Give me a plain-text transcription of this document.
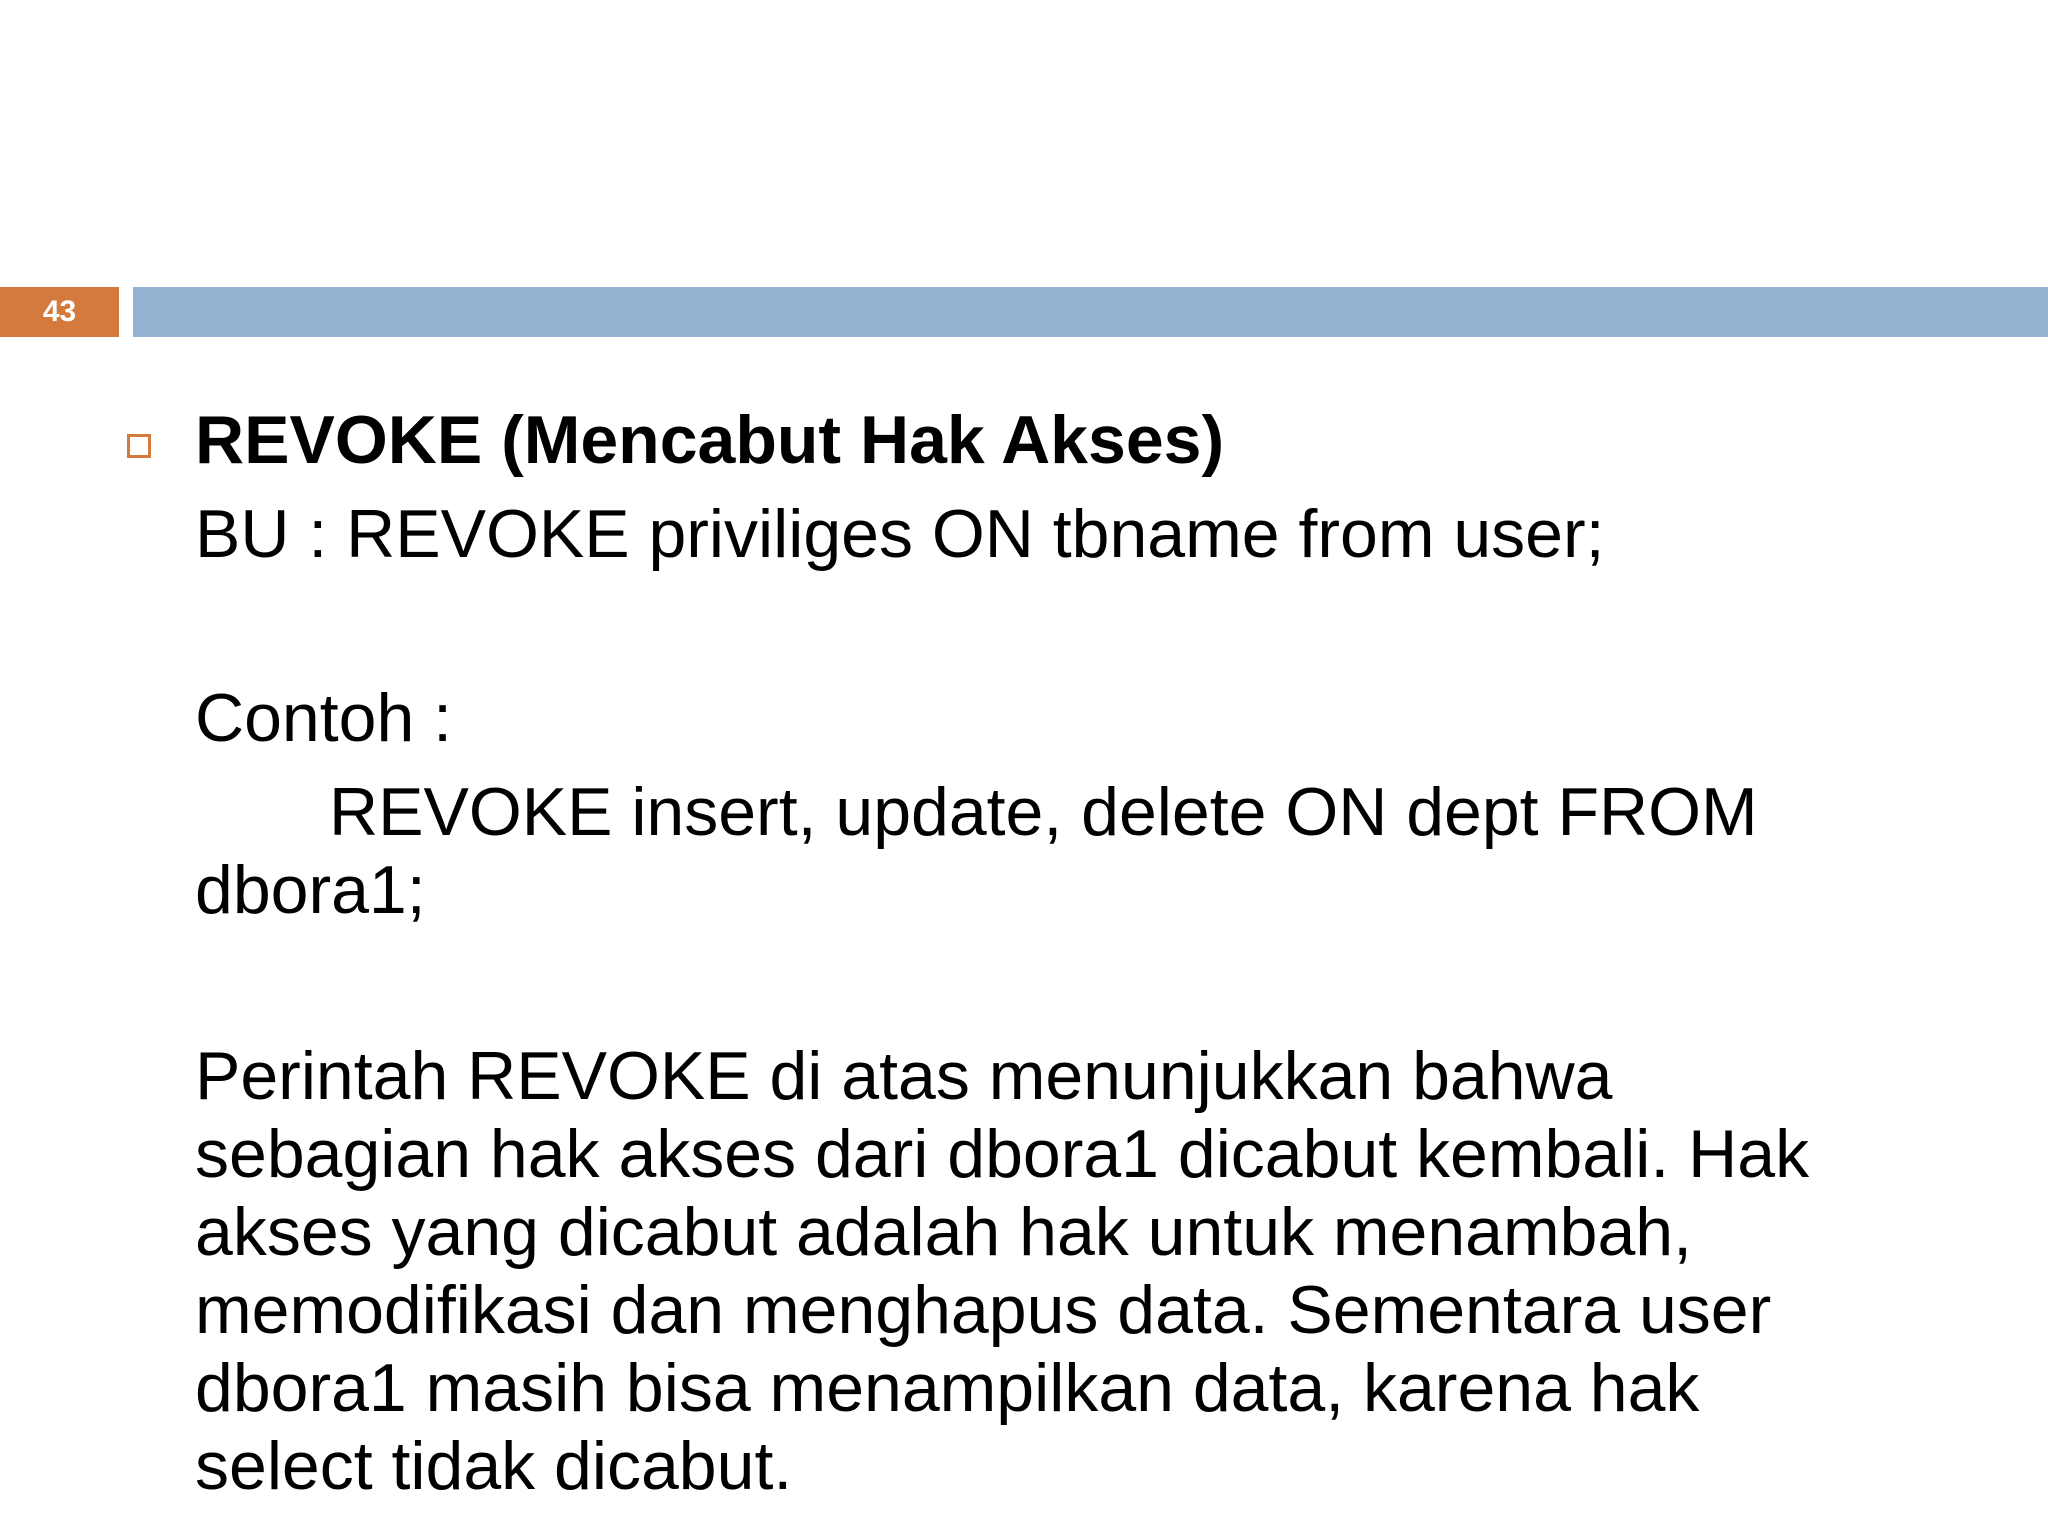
43

REVOKE (Mencabut Hak Akses)

BU : REVOKE priviliges ON tbname from user;

Contoh :

REVOKE insert, update, delete ON dept FROM

dbora1;

Perintah REVOKE di atas menunjukkan bahwa
sebagian hak akses dari dbora1 dicabut kembali. Hak
akses yang dicabut adalah hak untuk menambah,
memodifikasi dan menghapus data. Sementara user
dbora1 masih bisa menampilkan data, karena hak
select tidak dicabut.
